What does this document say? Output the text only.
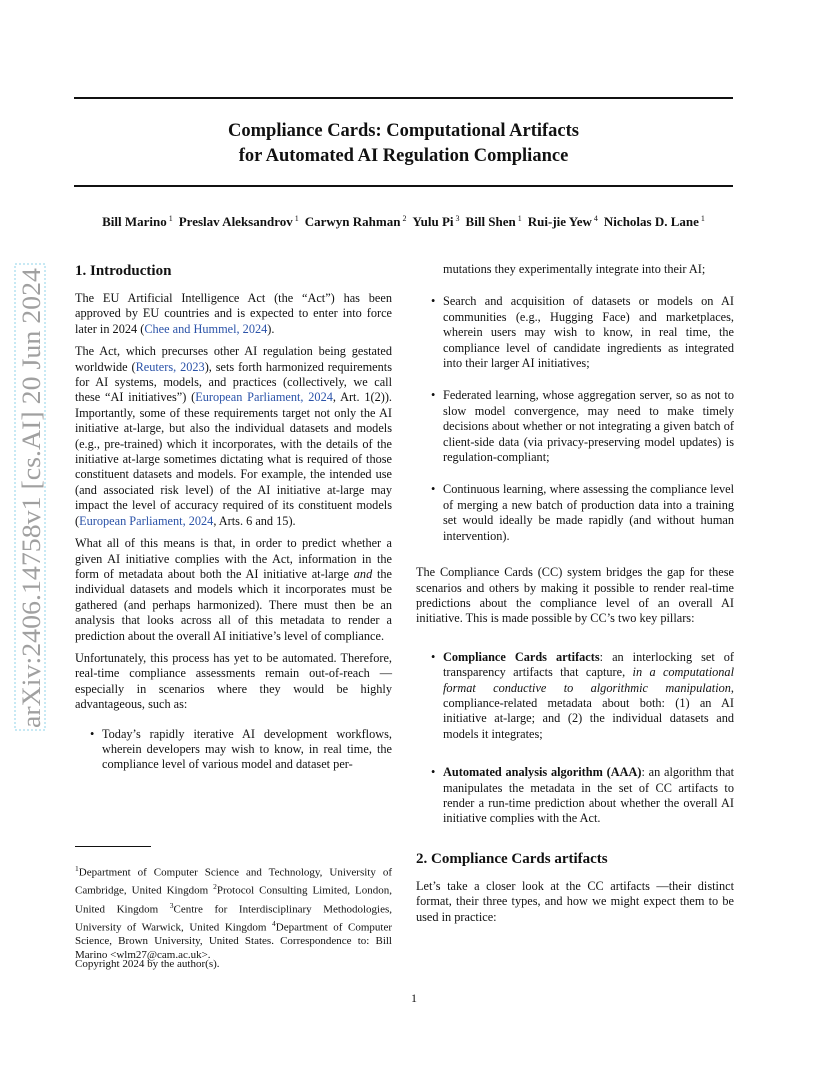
arXiv:2406.14758v1 [cs.AI] 20 Jun 2024
Compliance Cards: Computational Artifacts
for Automated AI Regulation Compliance
Bill Marino $^1$ Preslav Aleksandrov $^1$ Carwyn Rahman $^2$ Yulu Pi $^3$ Bill Shen $^1$ Rui-jie Yew $^4$ Nicholas D. Lane $^1$
1. Introduction

The EU Artificial Intelligence Act (the “Act”) has been approved by EU countries and is expected to enter into force later in 2024 (Chee and Hummel, 2024).

The Act, which precurses other AI regulation being gestated worldwide (Reuters, 2023), sets forth harmonized requirements for AI systems, models, and practices (collectively, we call these “AI initiatives”) (European Parliament, 2024, Art. 1(2)). Importantly, some of these requirements target not only the AI initiative at-large, but also the individual datasets and models (e.g., pre-trained) which it incorporates, with the details of the initiative at-large sometimes dictating what is required of those constituent datasets and models. For example, the intended use (and associated risk level) of the AI initiative at-large may impact the level of accuracy required of its constituent models (European Parliament, 2024, Arts. 6 and 15).

What all of this means is that, in order to predict whether a given AI initiative complies with the Act, information in the form of metadata about both the AI initiative at-large and the individual datasets and models which it incorporates must be gathered (and perhaps harmonized). There must then be an analysis that looks across all of this metadata to render a prediction about the overall AI initiative’s level of compliance.

Unfortunately, this process has yet to be automated. Therefore, real-time compliance assessments remain out-of-reach —especially in scenarios where they would be highly advantageous, such as:

• Today’s rapidly iterative AI development workflows, wherein developers may wish to know, in real time, the compliance level of various model and dataset per-
$^1$Department of Computer Science and Technology, University of Cambridge, United Kingdom $^2$Protocol Consulting Limited, London, United Kingdom $^3$Centre for Interdisciplinary Methodologies, University of Warwick, United Kingdom $^4$Department of Computer Science, Brown University, United States. Correspondence to: Bill Marino <wlm27@cam.ac.uk>.
Copyright 2024 by the author(s).

mutations they experimentally integrate into their AI;

• Search and acquisition of datasets or models on AI communities (e.g., Hugging Face) and marketplaces, wherein users may wish to know, in real time, the compliance level of candidate ingredients as integrated into their larger AI initiatives;
• Federated learning, whose aggregation server, so as not to slow model convergence, may need to make timely decisions about whether or not integrating a given batch of client-side data (via privacy-preserving model updates) is regulation-compliant;
• Continuous learning, where assessing the compliance level of merging a new batch of production data into a training set would ideally be made rapidly (and without human intervention).

The Compliance Cards (CC) system bridges the gap for these scenarios and others by making it possible to render real-time predictions about the compliance level of an overall AI initiative. This is made possible by CC’s two key pillars:

• Compliance Cards artifacts: an interlocking set of transparency artifacts that capture, in a computational format conductive to algorithmic manipulation, compliance-related metadata about both: (1) an AI initiative at-large; and (2) the individual datasets and models it integrates;
• Automated analysis algorithm (AAA): an algorithm that manipulates the metadata in the set of CC artifacts to render a run-time prediction about whether the overall AI initiative complies with the Act.
2. Compliance Cards artifacts

Let’s take a closer look at the CC artifacts —their distinct format, their three types, and how we might expect them to be used in practice:

1
